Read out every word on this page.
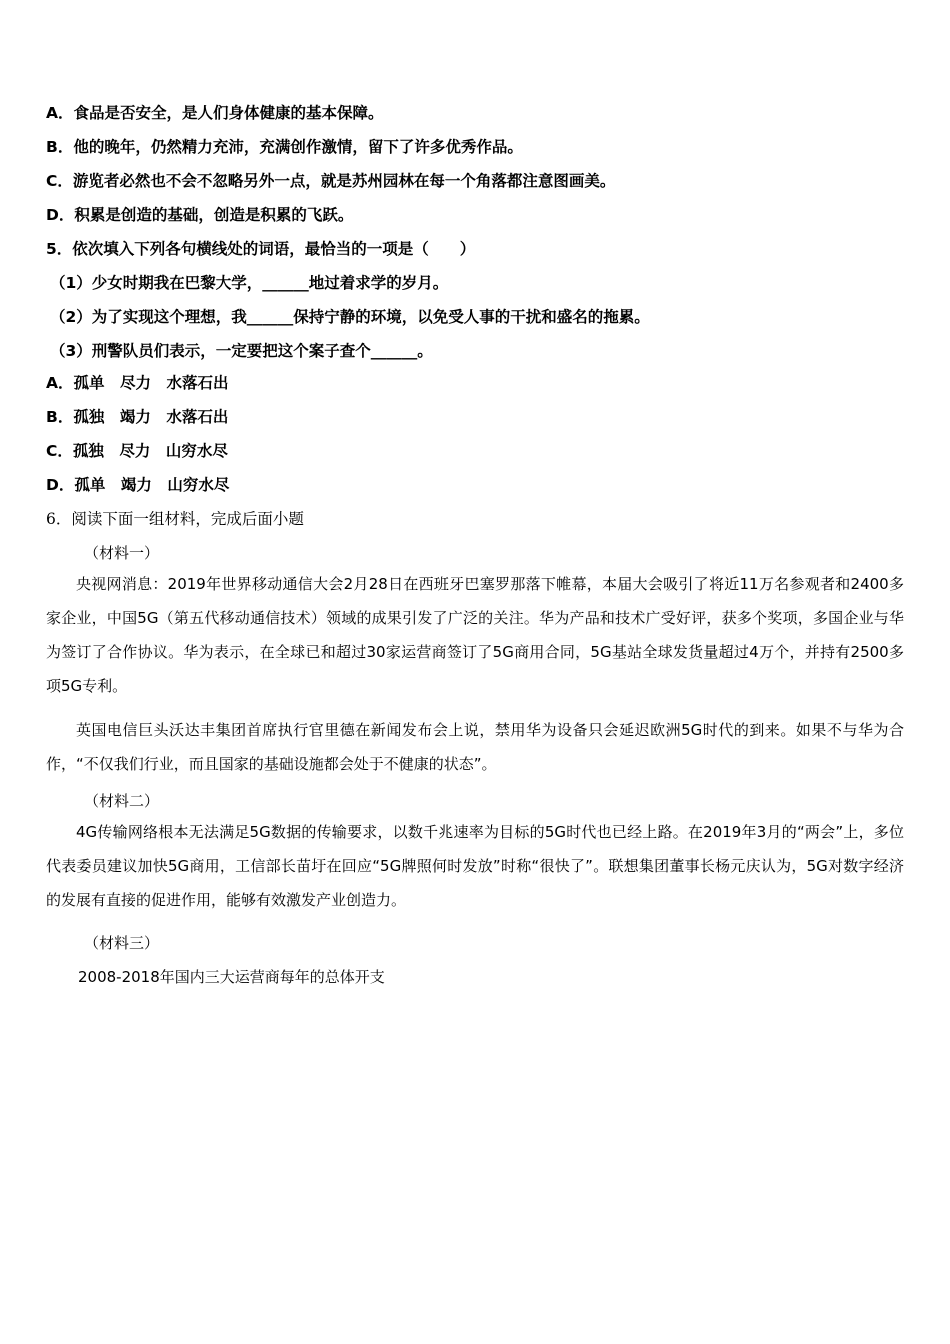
A．食品是否安全，是人们身体健康的基本保障。
B．他的晚年，仍然精力充沛，充满创作激情，留下了许多优秀作品。
C．游览者必然也不会不忽略另外一点，就是苏州园林在每一个角落都注意图画美。
D．积累是创造的基础，创造是积累的飞跃。
5．依次填入下列各句横线处的词语，最恰当的一项是（　　）
（1）少女时期我在巴黎大学，______地过着求学的岁月。
（2）为了实现这个理想，我______保持宁静的环境，以免受人事的干扰和盛名的拖累。
（3）刑警队员们表示，一定要把这个案子查个______。
A．孤单　尽力　水落石出
B．孤独　竭力　水落石出
C．孤独　尽力　山穷水尽
D．孤单　竭力　山穷水尽
6．阅读下面一组材料，完成后面小题
（材料一）
央视网消息：2019年世界移动通信大会2月28日在西班牙巴塞罗那落下帷幕，本届大会吸引了将近11万名参观者和2400多家企业，中国5G（第五代移动通信技术）领域的成果引发了广泛的关注。华为产品和技术广受好评，获多个奖项，多国企业与华为签订了合作协议。华为表示，在全球已和超过30家运营商签订了5G商用合同，5G基站全球发货量超过4万个，并持有2500多项5G专利。
英国电信巨头沃达丰集团首席执行官里德在新闻发布会上说，禁用华为设备只会延迟欧洲5G时代的到来。如果不与华为合作，“不仅我们行业，而且国家的基础设施都会处于不健康的状态”。
（材料二）
4G传输网络根本无法满足5G数据的传输要求，以数千兆速率为目标的5G时代也已经上路。在2019年3月的“两会”上，多位代表委员建议加快5G商用，工信部长苗圩在回应“5G牌照何时发放”时称“很快了”。联想集团董事长杨元庆认为，5G对数字经济的发展有直接的促进作用，能够有效激发产业创造力。
（材料三）
2008-2018年国内三大运营商每年的总体开支
